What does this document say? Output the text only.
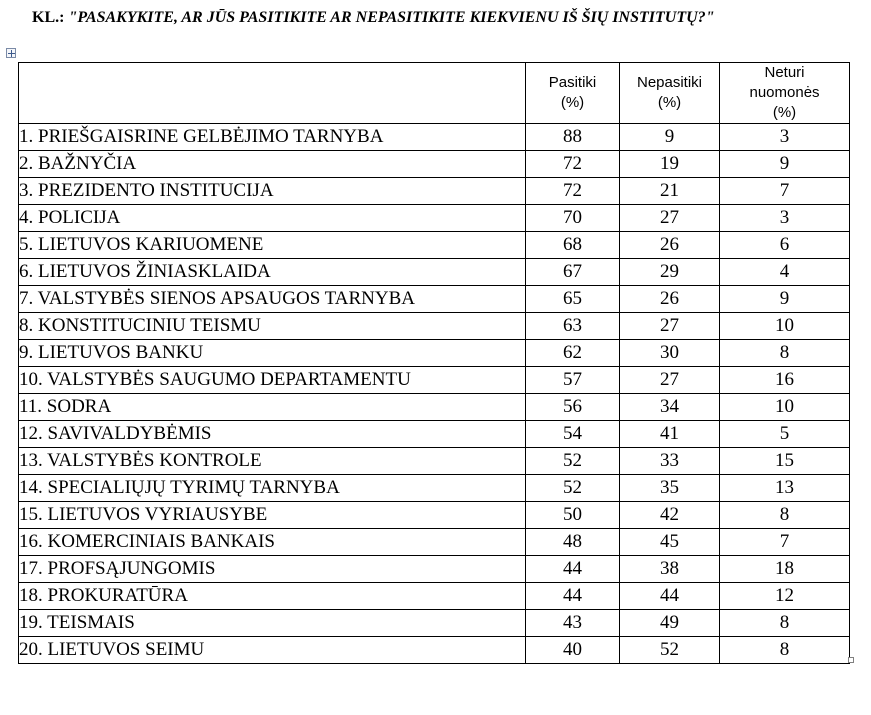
KL.: "PASAKYKITE, AR JŪS PASITIKITE AR NEPASITIKITE KIEKVIENU IŠ ŠIŲ INSTITUTŲ?"
	Pasitiki (%)	Nepasitiki (%)	Neturi nuomonės (%)
1. PRIEŠGAISRINE GELBĖJIMO TARNYBA	88	9	3
2. BAŽNYČIA	72	19	9
3. PREZIDENTO INSTITUCIJA	72	21	7
4. POLICIJA	70	27	3
5. LIETUVOS KARIUOMENE	68	26	6
6. LIETUVOS ŽINIASKLAIDA	67	29	4
7. VALSTYBĖS SIENOS APSAUGOS TARNYBA	65	26	9
8. KONSTITUCINIU TEISMU	63	27	10
9. LIETUVOS BANKU	62	30	8
10. VALSTYBĖS SAUGUMO DEPARTAMENTU	57	27	16
11. SODRA	56	34	10
12. SAVIVALDYBĖMIS	54	41	5
13. VALSTYBĖS KONTROLE	52	33	15
14. SPECIALIŲJŲ TYRIMŲ TARNYBA	52	35	13
15. LIETUVOS VYRIAUSYBE	50	42	8
16. KOMERCINIAIS BANKAIS	48	45	7
17. PROFSĄJUNGOMIS	44	38	18
18. PROKURATŪRA	44	44	12
19. TEISMAIS	43	49	8
20. LIETUVOS SEIMU	40	52	8
